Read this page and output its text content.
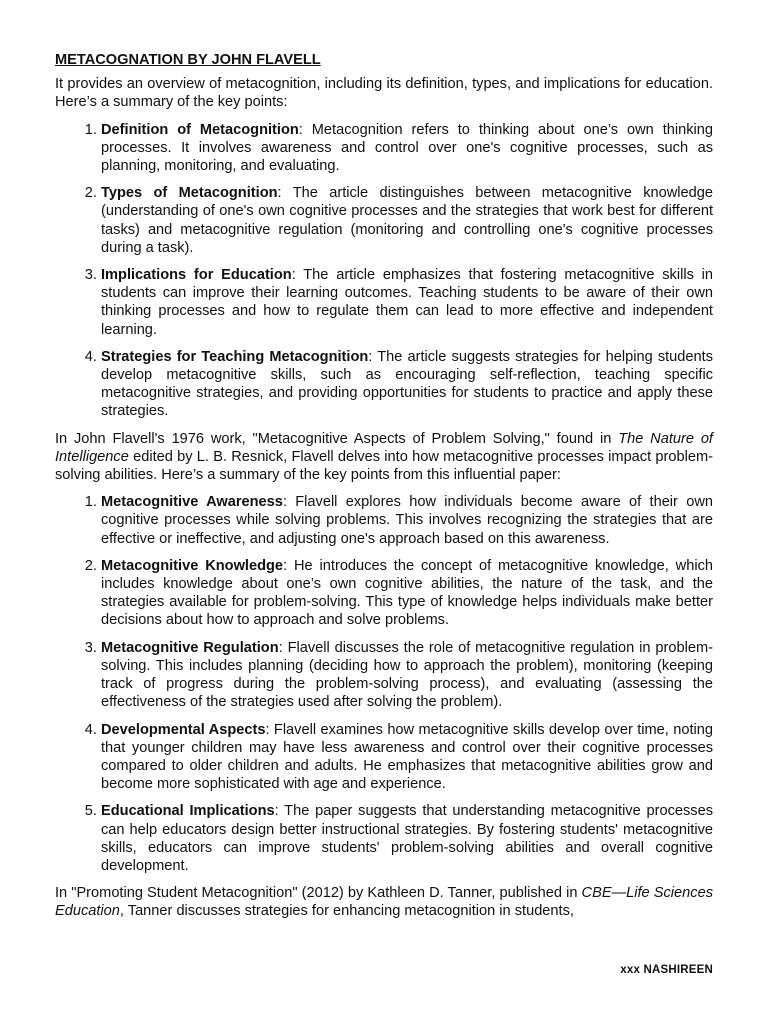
METACOGNATION BY JOHN FLAVELL

It provides an overview of metacognition, including its definition, types, and implications for education. Here’s a summary of the key points:

1. Definition of Metacognition: Metacognition refers to thinking about one’s own thinking processes. It involves awareness and control over one's cognitive processes, such as planning, monitoring, and evaluating.
2. Types of Metacognition: The article distinguishes between metacognitive knowledge (understanding of one's own cognitive processes and the strategies that work best for different tasks) and metacognitive regulation (monitoring and controlling one's cognitive processes during a task).
3. Implications for Education: The article emphasizes that fostering metacognitive skills in students can improve their learning outcomes. Teaching students to be aware of their own thinking processes and how to regulate them can lead to more effective and independent learning.
4. Strategies for Teaching Metacognition: The article suggests strategies for helping students develop metacognitive skills, such as encouraging self-reflection, teaching specific metacognitive strategies, and providing opportunities for students to practice and apply these strategies.

In John Flavell's 1976 work, "Metacognitive Aspects of Problem Solving," found in The Nature of Intelligence edited by L. B. Resnick, Flavell delves into how metacognitive processes impact problem-solving abilities. Here’s a summary of the key points from this influential paper:

1. Metacognitive Awareness: Flavell explores how individuals become aware of their own cognitive processes while solving problems. This involves recognizing the strategies that are effective or ineffective, and adjusting one's approach based on this awareness.
2. Metacognitive Knowledge: He introduces the concept of metacognitive knowledge, which includes knowledge about one’s own cognitive abilities, the nature of the task, and the strategies available for problem-solving. This type of knowledge helps individuals make better decisions about how to approach and solve problems.
3. Metacognitive Regulation: Flavell discusses the role of metacognitive regulation in problem-solving. This includes planning (deciding how to approach the problem), monitoring (keeping track of progress during the problem-solving process), and evaluating (assessing the effectiveness of the strategies used after solving the problem).
4. Developmental Aspects: Flavell examines how metacognitive skills develop over time, noting that younger children may have less awareness and control over their cognitive processes compared to older children and adults. He emphasizes that metacognitive abilities grow and become more sophisticated with age and experience.
5. Educational Implications: The paper suggests that understanding metacognitive processes can help educators design better instructional strategies. By fostering students' metacognitive skills, educators can improve students' problem-solving abilities and overall cognitive development.

In "Promoting Student Metacognition" (2012) by Kathleen D. Tanner, published in CBE—Life Sciences Education, Tanner discusses strategies for enhancing metacognition in students,

xxx NASHIREEN
